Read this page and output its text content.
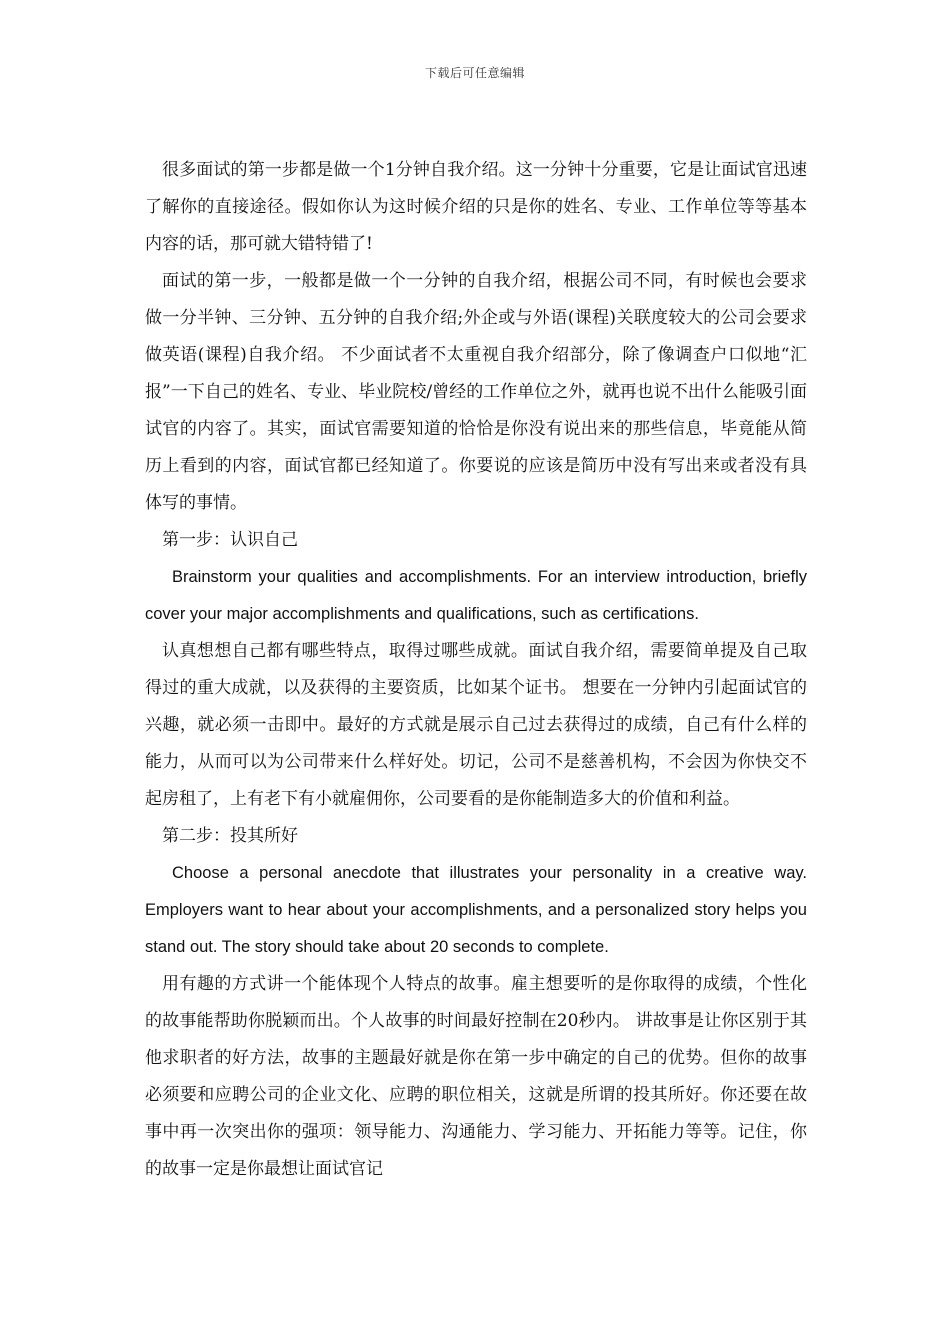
下载后可任意编辑

很多面试的第一步都是做一个1分钟自我介绍。这一分钟十分重要，它是让面试官迅速了解你的直接途径。假如你认为这时候介绍的只是你的姓名、专业、工作单位等等基本内容的话，那可就大错特错了!

面试的第一步，一般都是做一个一分钟的自我介绍，根据公司不同，有时候也会要求做一分半钟、三分钟、五分钟的自我介绍;外企或与外语(课程)关联度较大的公司会要求做英语(课程)自我介绍。 不少面试者不太重视自我介绍部分，除了像调查户口似地“汇报”一下自己的姓名、专业、毕业院校/曾经的工作单位之外，就再也说不出什么能吸引面试官的内容了。其实，面试官需要知道的恰恰是你没有说出来的那些信息，毕竟能从简历上看到的内容，面试官都已经知道了。你要说的应该是简历中没有写出来或者没有具体写的事情。

第一步：认识自己

Brainstorm your qualities and accomplishments. For an interview introduction, briefly cover your major accomplishments and qualifications, such as certifications.

认真想想自己都有哪些特点，取得过哪些成就。面试自我介绍，需要简单提及自己取得过的重大成就，以及获得的主要资质，比如某个证书。 想要在一分钟内引起面试官的兴趣，就必须一击即中。最好的方式就是展示自己过去获得过的成绩，自己有什么样的能力，从而可以为公司带来什么样好处。切记，公司不是慈善机构，不会因为你快交不起房租了，上有老下有小就雇佣你，公司要看的是你能制造多大的价值和利益。

第二步：投其所好

Choose a personal anecdote that illustrates your personality in a creative way. Employers want to hear about your accomplishments, and a personalized story helps you stand out. The story should take about 20 seconds to complete.

用有趣的方式讲一个能体现个人特点的故事。雇主想要听的是你取得的成绩，个性化的故事能帮助你脱颖而出。个人故事的时间最好控制在20秒内。 讲故事是让你区别于其他求职者的好方法，故事的主题最好就是你在第一步中确定的自己的优势。但你的故事必须要和应聘公司的企业文化、应聘的职位相关，这就是所谓的投其所好。你还要在故事中再一次突出你的强项：领导能力、沟通能力、学习能力、开拓能力等等。记住，你的故事一定是你最想让面试官记
